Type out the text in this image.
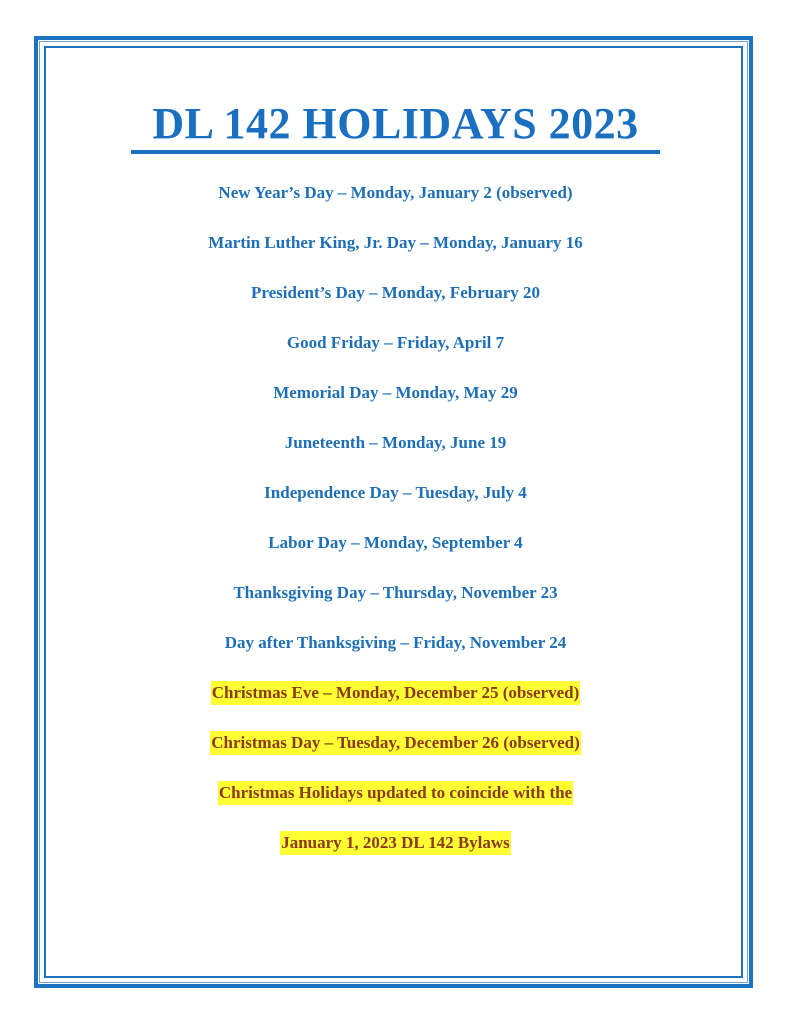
DL 142 HOLIDAYS 2023
New Year’s Day – Monday, January 2 (observed)
Martin Luther King, Jr. Day – Monday, January 16
President’s Day – Monday, February 20
Good Friday – Friday, April 7
Memorial Day – Monday, May 29
Juneteenth – Monday, June 19
Independence Day – Tuesday, July 4
Labor Day – Monday, September 4
Thanksgiving Day – Thursday, November 23
Day after Thanksgiving – Friday, November 24
Christmas Eve – Monday, December 25 (observed)
Christmas Day – Tuesday, December 26 (observed)
Christmas Holidays updated to coincide with the
January 1, 2023 DL 142 Bylaws
